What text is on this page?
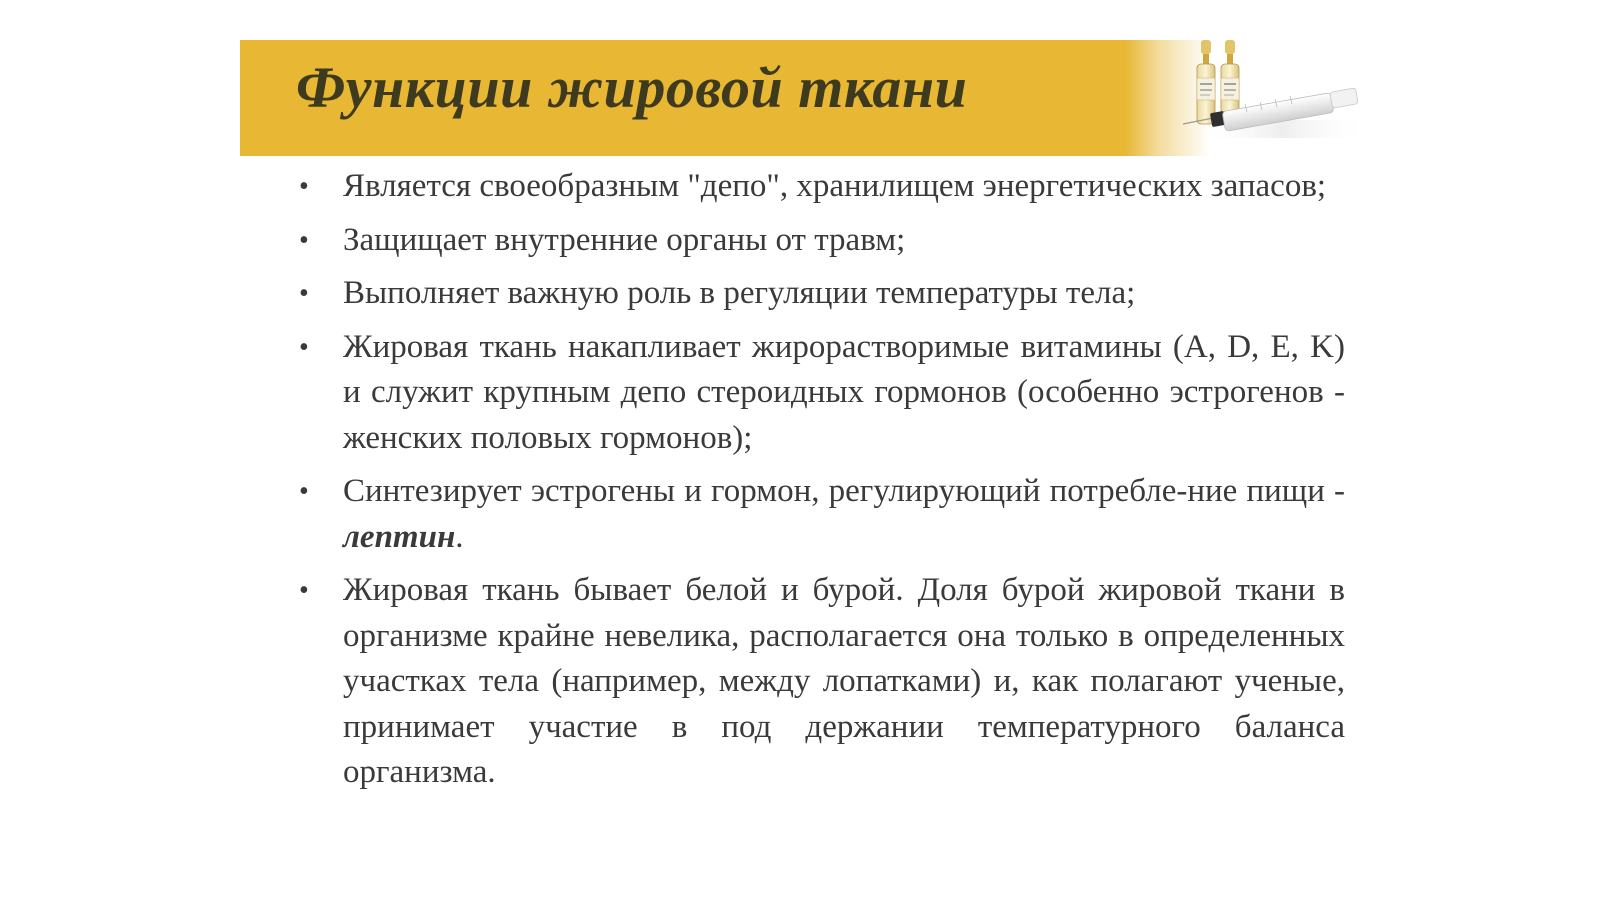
Функции жировой ткани
• Является своеобразным "депо", хранилищем энергетических запасов;
• Защищает внутренние органы от травм;
• Выполняет важную роль в регуляции температуры тела;
• Жировая ткань накапливает жирорастворимые витамины (А, D, E, K) и служит крупным депо стероидных гормонов (особенно эстрогенов - женских половых гормонов);
• Синтезирует эстрогены и гормон, регулирующий потребле-ние пищи - лептин.
• Жировая ткань бывает белой и бурой. Доля бурой жировой ткани в организме крайне невелика, располагается она только в определенных участках тела (например, между лопатками) и, как полагают ученые, принимает участие в под держании температурного баланса организма.
